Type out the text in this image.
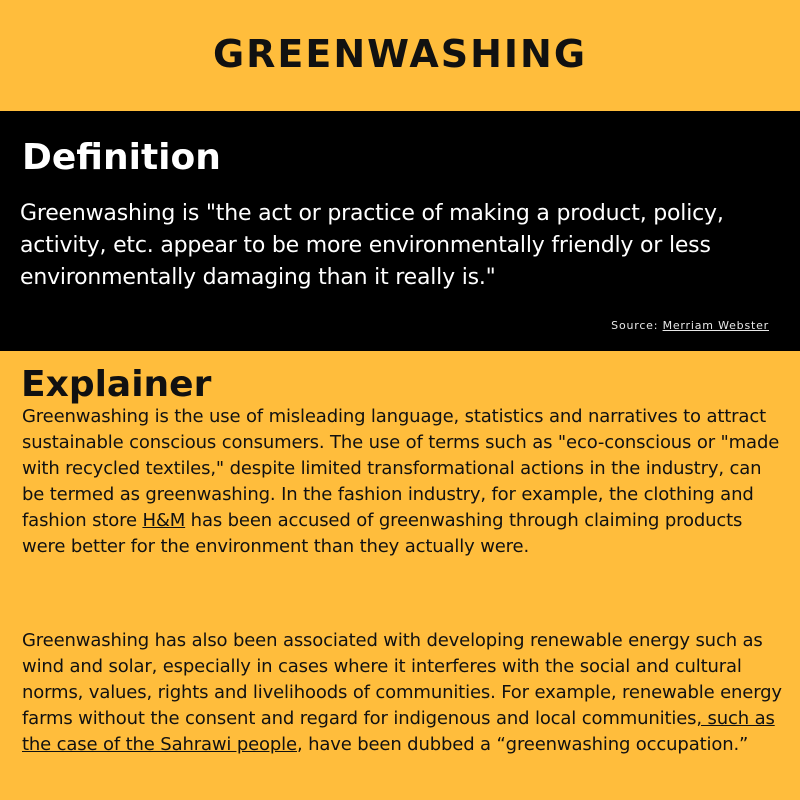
GREENWASHING
Definition

Greenwashing is "the act or practice of making a product, policy, activity, etc. appear to be more environmentally friendly or less environmentally damaging than it really is."

Source: Merriam Webster
Explainer

Greenwashing is the use of misleading language, statistics and narratives to attract sustainable conscious consumers. The use of terms such as "eco-conscious or "made with recycled textiles," despite limited transformational actions in the industry, can be termed as greenwashing. In the fashion industry, for example, the clothing and fashion store H&M has been accused of greenwashing through claiming products were better for the environment than they actually were.

Greenwashing has also been associated with developing renewable energy such as wind and solar, especially in cases where it interferes with the social and cultural norms, values, rights and livelihoods of communities. For example, renewable energy farms without the consent and regard for indigenous and local communities, such as the case of the Sahrawi people, have been dubbed a “greenwashing occupation.”
